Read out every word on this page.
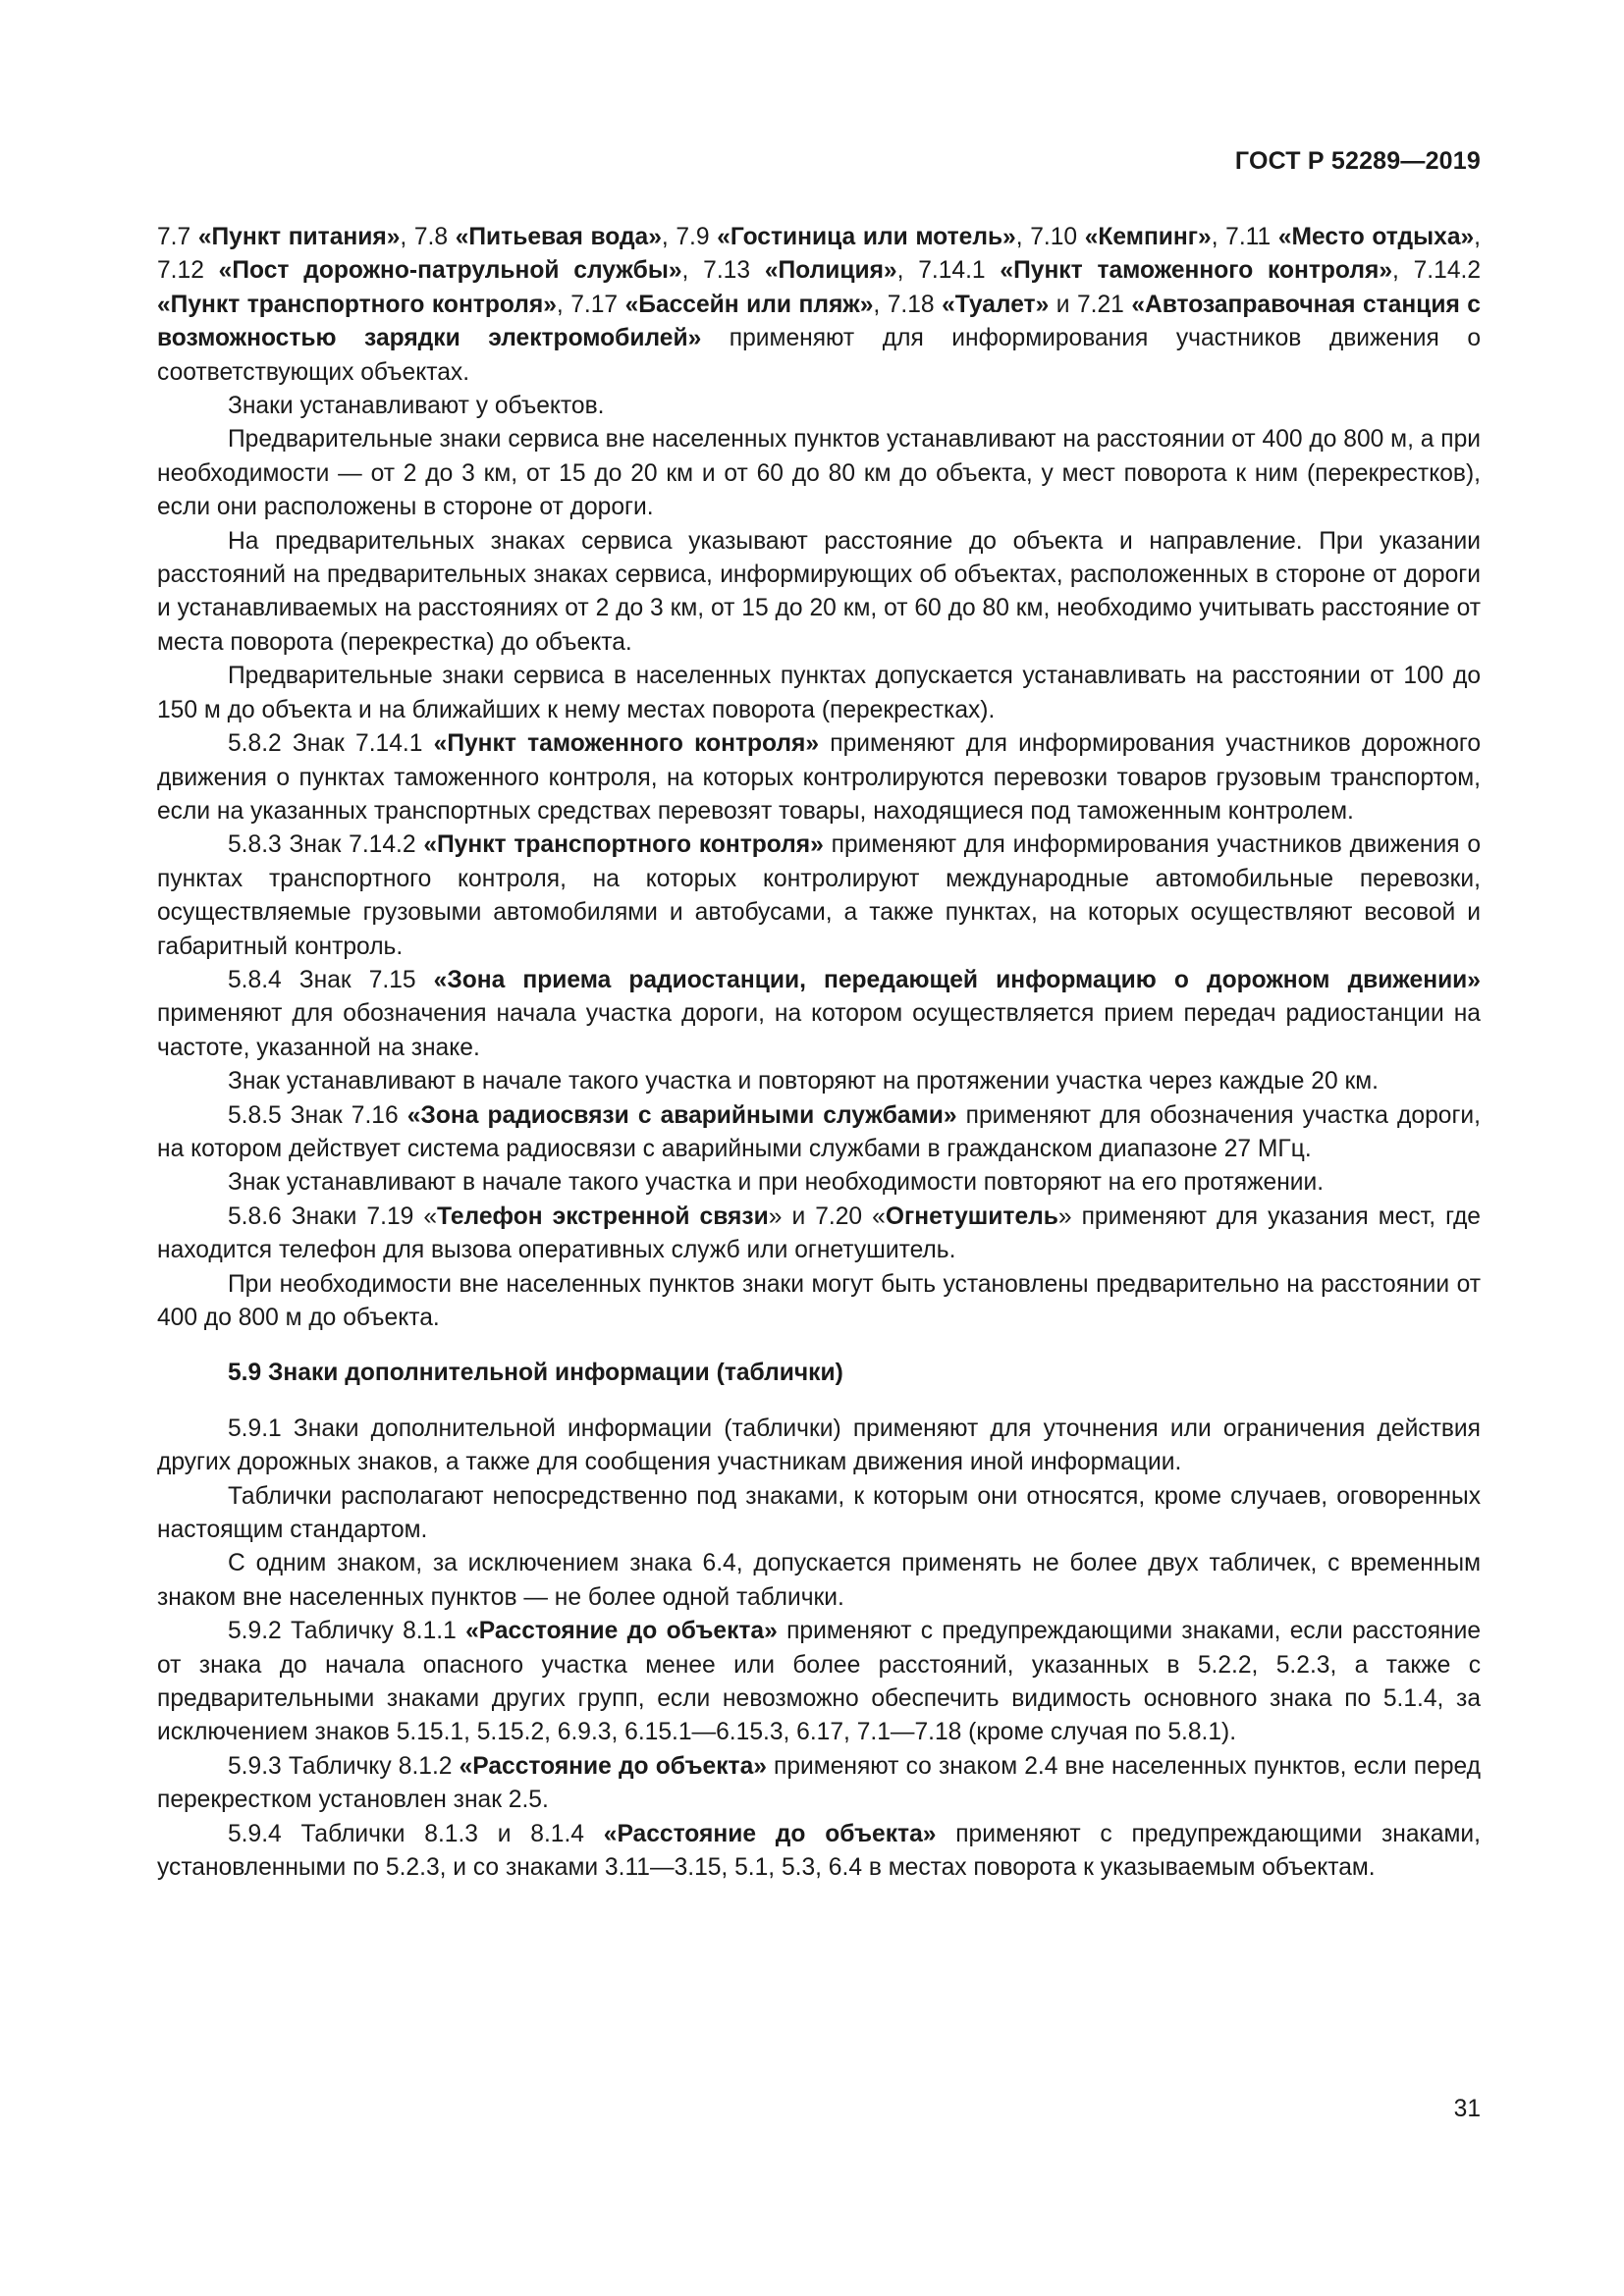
ГОСТ Р 52289—2019

7.7 «Пункт питания», 7.8 «Питьевая вода», 7.9 «Гостиница или мотель», 7.10 «Кемпинг», 7.11 «Место отдыха», 7.12 «Пост дорожно-патрульной службы», 7.13 «Полиция», 7.14.1 «Пункт таможенного контроля», 7.14.2 «Пункт транспортного контроля», 7.17 «Бассейн или пляж», 7.18 «Туалет» и 7.21 «Автозаправочная станция с возможностью зарядки электромобилей» применяют для информирования участников движения о соответствующих объектах.

Знаки устанавливают у объектов.

Предварительные знаки сервиса вне населенных пунктов устанавливают на расстоянии от 400 до 800 м, а при необходимости — от 2 до 3 км, от 15 до 20 км и от 60 до 80 км до объекта, у мест поворота к ним (перекрестков), если они расположены в стороне от дороги.

На предварительных знаках сервиса указывают расстояние до объекта и направление. При указании расстояний на предварительных знаках сервиса, информирующих об объектах, расположенных в стороне от дороги и устанавливаемых на расстояниях от 2 до 3 км, от 15 до 20 км, от 60 до 80 км, необходимо учитывать расстояние от места поворота (перекрестка) до объекта.

Предварительные знаки сервиса в населенных пунктах допускается устанавливать на расстоянии от 100 до 150 м до объекта и на ближайших к нему местах поворота (перекрестках).

5.8.2 Знак 7.14.1 «Пункт таможенного контроля» применяют для информирования участников дорожного движения о пунктах таможенного контроля, на которых контролируются перевозки товаров грузовым транспортом, если на указанных транспортных средствах перевозят товары, находящиеся под таможенным контролем.

5.8.3 Знак 7.14.2 «Пункт транспортного контроля» применяют для информирования участников движения о пунктах транспортного контроля, на которых контролируют международные автомобильные перевозки, осуществляемые грузовыми автомобилями и автобусами, а также пунктах, на которых осуществляют весовой и габаритный контроль.

5.8.4 Знак 7.15 «Зона приема радиостанции, передающей информацию о дорожном движении» применяют для обозначения начала участка дороги, на котором осуществляется прием передач радиостанции на частоте, указанной на знаке.

Знак устанавливают в начале такого участка и повторяют на протяжении участка через каждые 20 км.

5.8.5 Знак 7.16 «Зона радиосвязи с аварийными службами» применяют для обозначения участка дороги, на котором действует система радиосвязи с аварийными службами в гражданском диапазоне 27 МГц.

Знак устанавливают в начале такого участка и при необходимости повторяют на его протяжении.

5.8.6 Знаки 7.19 «Телефон экстренной связи» и 7.20 «Огнетушитель» применяют для указания мест, где находится телефон для вызова оперативных служб или огнетушитель.

При необходимости вне населенных пунктов знаки могут быть установлены предварительно на расстоянии от 400 до 800 м до объекта.

5.9 Знаки дополнительной информации (таблички)

5.9.1 Знаки дополнительной информации (таблички) применяют для уточнения или ограничения действия других дорожных знаков, а также для сообщения участникам движения иной информации.

Таблички располагают непосредственно под знаками, к которым они относятся, кроме случаев, оговоренных настоящим стандартом.

С одним знаком, за исключением знака 6.4, допускается применять не более двух табличек, с временным знаком вне населенных пунктов — не более одной таблички.

5.9.2 Табличку 8.1.1 «Расстояние до объекта» применяют с предупреждающими знаками, если расстояние от знака до начала опасного участка менее или более расстояний, указанных в 5.2.2, 5.2.3, а также с предварительными знаками других групп, если невозможно обеспечить видимость основного знака по 5.1.4, за исключением знаков 5.15.1, 5.15.2, 6.9.3, 6.15.1—6.15.3, 6.17, 7.1—7.18 (кроме случая по 5.8.1).

5.9.3 Табличку 8.1.2 «Расстояние до объекта» применяют со знаком 2.4 вне населенных пунктов, если перед перекрестком установлен знак 2.5.

5.9.4 Таблички 8.1.3 и 8.1.4 «Расстояние до объекта» применяют с предупреждающими знаками, установленными по 5.2.3, и со знаками 3.11—3.15, 5.1, 5.3, 6.4 в местах поворота к указываемым объектам.

31
